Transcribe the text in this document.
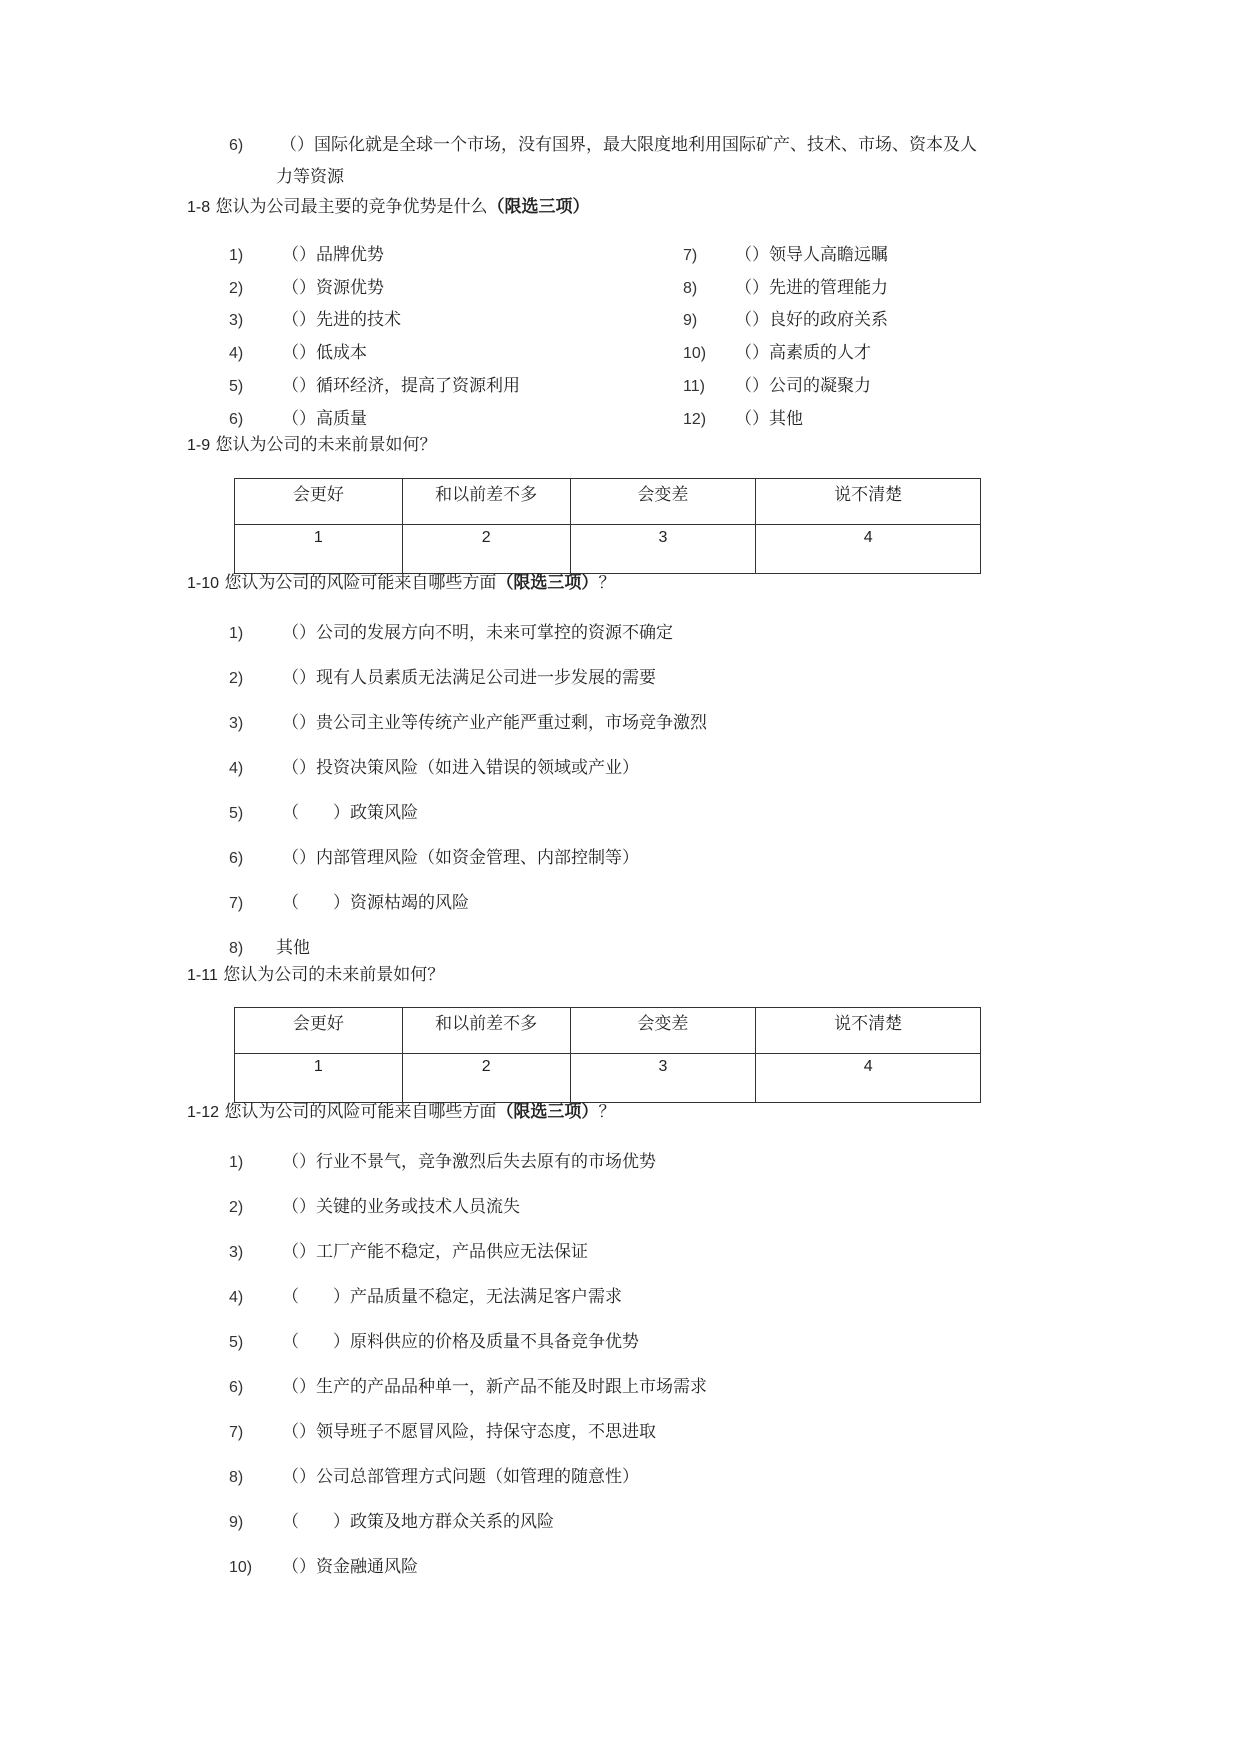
6) （）国际化就是全球一个市场，没有国界，最大限度地利用国际矿产、技术、市场、资本及人
力等资源
1-8 您认为公司最主要的竞争优势是什么（限选三项）
1) （）品牌优势
2) （）资源优势
3) （）先进的技术
4) （）低成本
5) （）循环经济，提高了资源利用
6) （）高质量
7) （）领导人高瞻远瞩
8) （）先进的管理能力
9) （）良好的政府关系
10) （）高素质的人才
11) （）公司的凝聚力
12) （）其他
1-9 您认为公司的未来前景如何？
会更好	和以前差不多	会变差	说不清楚
1	2	3	4
1-10 您认为公司的风险可能来自哪些方面（限选三项）？
1) （）公司的发展方向不明，未来可掌控的资源不确定
2) （）现有人员素质无法满足公司进一步发展的需要
3) （）贵公司主业等传统产业产能严重过剩，市场竞争激烈
4) （）投资决策风险（如进入错误的领域或产业）
5) （　　）政策风险
6) （）内部管理风险（如资金管理、内部控制等）
7) （　　）资源枯竭的风险
8) 其他
1-11 您认为公司的未来前景如何？
会更好	和以前差不多	会变差	说不清楚
1	2	3	4
1-12 您认为公司的风险可能来自哪些方面（限选三项）？
1) （）行业不景气，竞争激烈后失去原有的市场优势
2) （）关键的业务或技术人员流失
3) （）工厂产能不稳定，产品供应无法保证
4) （　　）产品质量不稳定，无法满足客户需求
5) （　　）原料供应的价格及质量不具备竞争优势
6) （）生产的产品品种单一，新产品不能及时跟上市场需求
7) （）领导班子不愿冒风险，持保守态度，不思进取
8) （）公司总部管理方式问题（如管理的随意性）
9) （　　）政策及地方群众关系的风险
10) （）资金融通风险
